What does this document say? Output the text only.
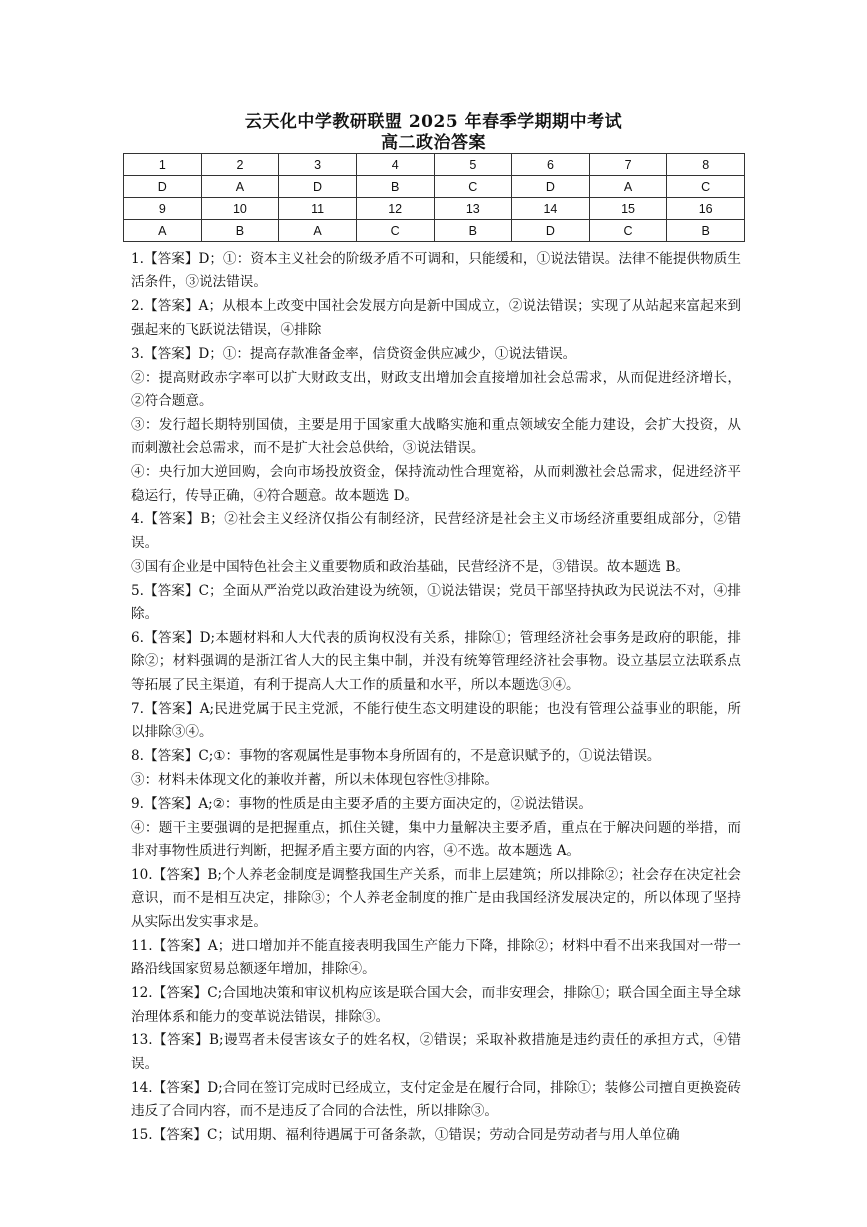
云天化中学教研联盟 2025 年春季学期期中考试
高二政治答案
1	2	3	4	5	6	7	8
D	A	D	B	C	D	A	C
9	10	11	12	13	14	15	16
A	B	A	C	B	D	C	B

1.【答案】D；①：资本主义社会的阶级矛盾不可调和，只能缓和，①说法错误。法律不能提供物质生活条件，③说法错误。

2.【答案】A；从根本上改变中国社会发展方向是新中国成立，②说法错误；实现了从站起来富起来到强起来的飞跃说法错误，④排除

3.【答案】D；①：提高存款准备金率，信贷资金供应减少，①说法错误。

②：提高财政赤字率可以扩大财政支出，财政支出增加会直接增加社会总需求，从而促进经济增长，②符合题意。

③：发行超长期特别国债，主要是用于国家重大战略实施和重点领域安全能力建设，会扩大投资，从而刺激社会总需求，而不是扩大社会总供给，③说法错误。

④：央行加大逆回购，会向市场投放资金，保持流动性合理宽裕，从而刺激社会总需求，促进经济平稳运行，传导正确，④符合题意。故本题选 D。

4.【答案】B；②社会主义经济仅指公有制经济，民营经济是社会主义市场经济重要组成部分，②错误。

③国有企业是中国特色社会主义重要物质和政治基础，民营经济不是，③错误。故本题选 B。

5.【答案】C；全面从严治党以政治建设为统领，①说法错误；党员干部坚持执政为民说法不对，④排除。

6.【答案】D;本题材料和人大代表的质询权没有关系，排除①；管理经济社会事务是政府的职能，排除②；材料强调的是浙江省人大的民主集中制，并没有统筹管理经济社会事物。设立基层立法联系点等拓展了民主渠道，有利于提高人大工作的质量和水平，所以本题选③④。

7.【答案】A;民进党属于民主党派，不能行使生态文明建设的职能；也没有管理公益事业的职能，所以排除③④。

8.【答案】C;①：事物的客观属性是事物本身所固有的，不是意识赋予的，①说法错误。

③：材料未体现文化的兼收并蓄，所以未体现包容性③排除。

9.【答案】A;②：事物的性质是由主要矛盾的主要方面决定的，②说法错误。

④：题干主要强调的是把握重点，抓住关键，集中力量解决主要矛盾，重点在于解决问题的举措，而非对事物性质进行判断，把握矛盾主要方面的内容，④不选。故本题选 A。

10.【答案】B;个人养老金制度是调整我国生产关系，而非上层建筑；所以排除②；社会存在决定社会意识，而不是相互决定，排除③；个人养老金制度的推广是由我国经济发展决定的，所以体现了坚持从实际出发实事求是。

11.【答案】A；进口增加并不能直接表明我国生产能力下降，排除②；材料中看不出来我国对一带一路沿线国家贸易总额逐年增加，排除④。

12.【答案】C;合国地决策和审议机构应该是联合国大会，而非安理会，排除①；联合国全面主导全球治理体系和能力的变革说法错误，排除③。

13.【答案】B;谩骂者未侵害该女子的姓名权，②错误；采取补救措施是违约责任的承担方式，④错误。

14.【答案】D;合同在签订完成时已经成立，支付定金是在履行合同，排除①；装修公司擅自更换瓷砖违反了合同内容，而不是违反了合同的合法性，所以排除③。

15.【答案】C；试用期、福利待遇属于可备条款，①错误；劳动合同是劳动者与用人单位确
